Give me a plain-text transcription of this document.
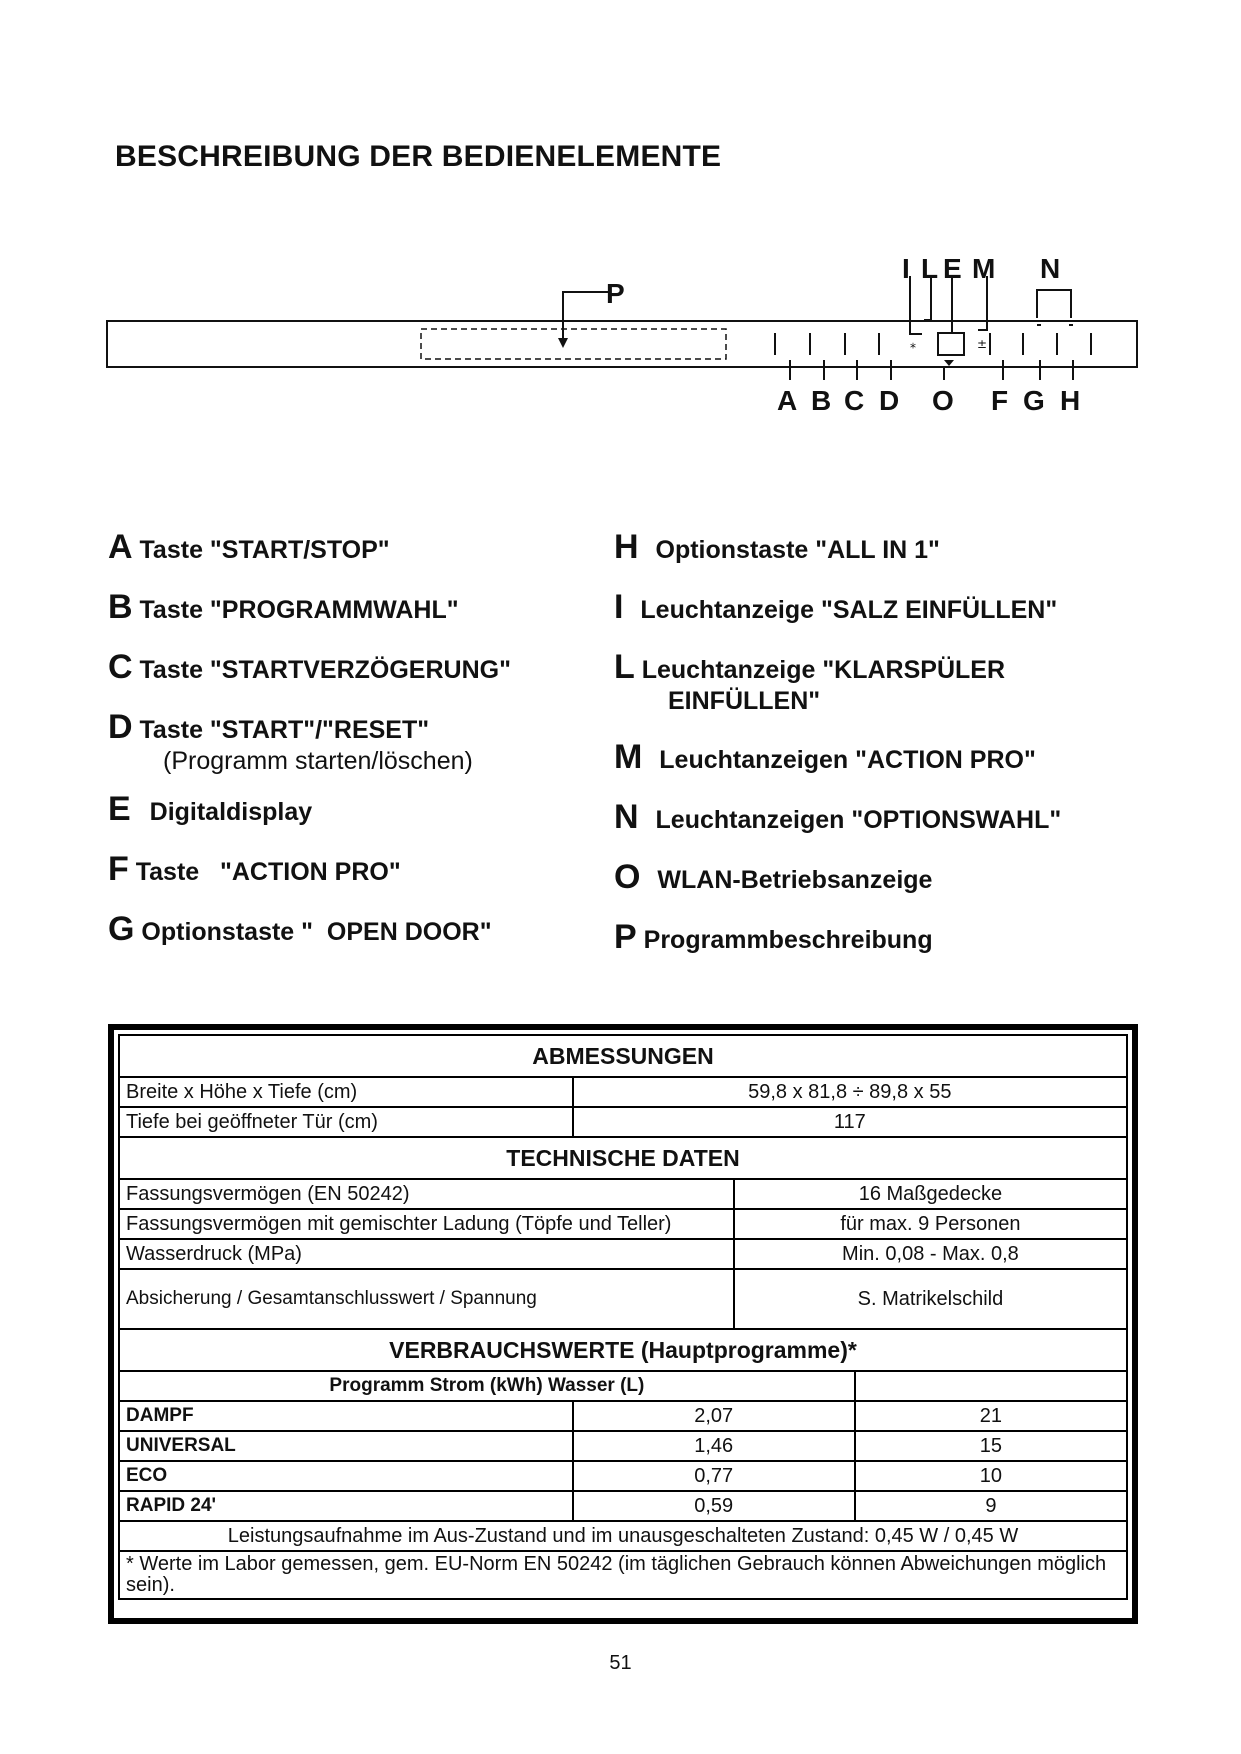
BESCHREIBUNG DER BEDIENELEMENTE
P
⁎	±
I L E M N
A B C D O F G H
A Taste "START/STOP"
B Taste "PROGRAMMWAHL"
C Taste "STARTVERZÖGERUNG"
D Taste "START"/"RESET"
(Programm starten/löschen)
E Digitaldisplay
F Taste   "ACTION PRO"
G Optionstaste "  OPEN DOOR"
H Optionstaste "ALL IN 1"
I Leuchtanzeige "SALZ EINFÜLLEN"
L Leuchtanzeige "KLARSPÜLER
EINFÜLLEN"
M Leuchtanzeigen "ACTION PRO"
N Leuchtanzeigen "OPTIONSWAHL"
O WLAN-Betriebsanzeige
P Programmbeschreibung
ABMESSUNGEN			
Breite x Höhe x Tiefe (cm)	59,8 x 81,8 ÷ 89,8 x 55		
Tiefe bei geöffneter Tür (cm)	117		
TECHNISCHE DATEN			
Fassungsvermögen (EN 50242)		16 Maßgedecke	
Fassungsvermögen mit gemischter Ladung (Töpfe und Teller)		für max. 9 Personen	
Wasserdruck (MPa)		Min. 0,08 - Max. 0,8	
Absicherung / Gesamtanschlusswert / Spannung		S. Matrikelschild	
VERBRAUCHSWERTE (Hauptprogramme)*			
Programm Strom (kWh) Wasser (L)			
DAMPF	2,07		21
UNIVERSAL	1,46		15
ECO	0,77		10
RAPID 24'	0,59		9
Leistungsaufnahme im Aus-Zustand und im unausgeschalteten Zustand: 0,45 W / 0,45 W			
* Werte im Labor gemessen, gem. EU-Norm EN 50242 (im täglichen Gebrauch können Abweichungen möglich sein).			
51
